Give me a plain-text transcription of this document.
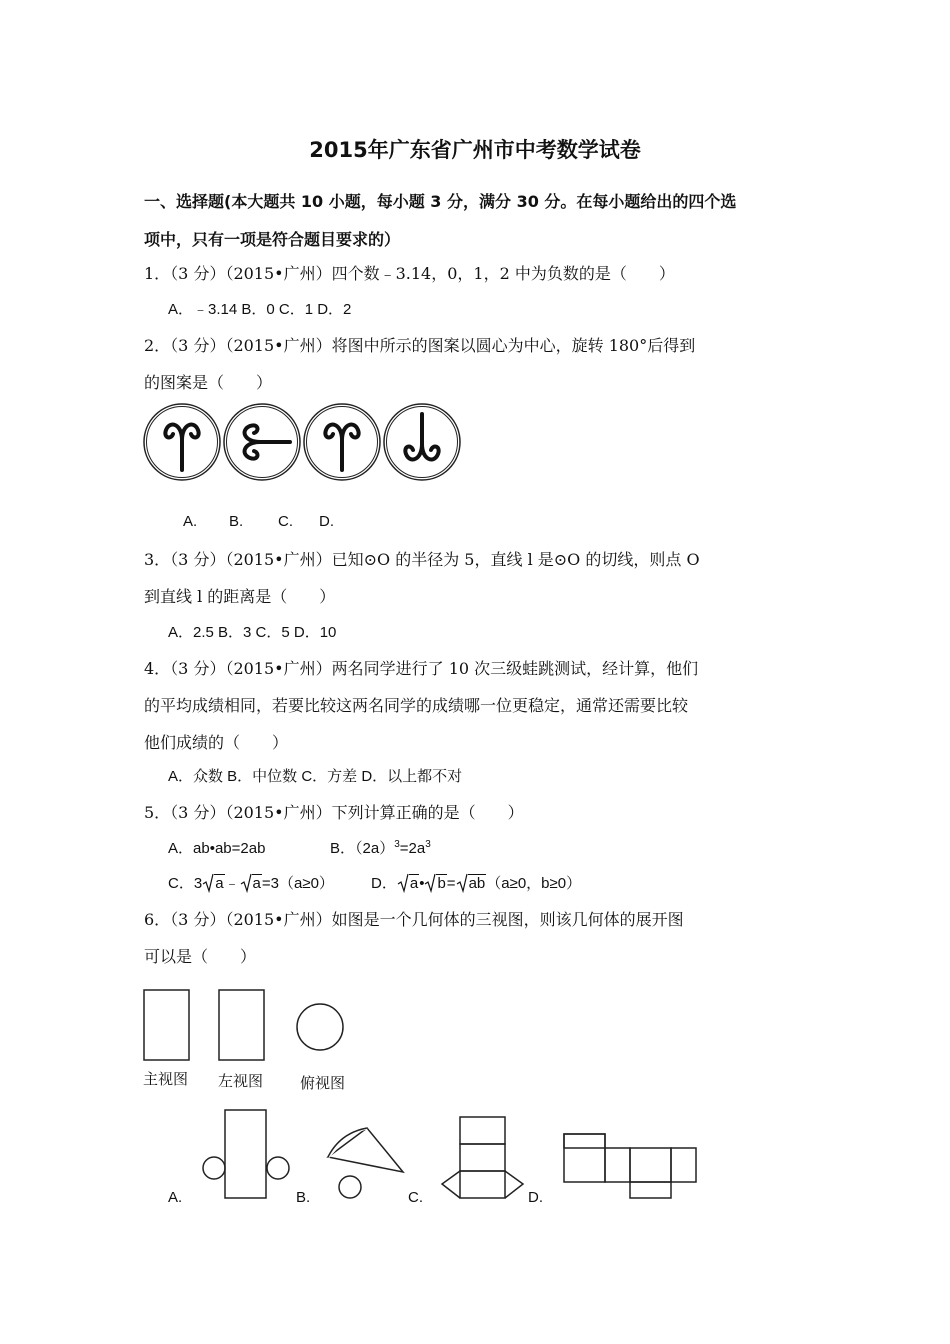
2015年广东省广州市中考数学试卷
一、选择题(本大题共 10 小题，每小题 3 分，满分 30 分。在每小题给出的四个选
项中，只有一项是符合题目要求的）
1．（3 分）（2015•广州）四个数﹣3.14，0，1，2 中为负数的是（　　）
A．﹣3.14 B．0 C．1 D．2
2．（3 分）（2015•广州）将图中所示的图案以圆心为中心，旋转 180°后得到
的图案是（　　）
A. B. C. D.
3．（3 分）（2015•广州）已知⊙O 的半径为 5，直线 l 是⊙O 的切线，则点 O
到直线 l 的距离是（　　）
A．2.5 B．3 C．5 D．10
4．（3 分）（2015•广州）两名同学进行了 10 次三级蛙跳测试，经计算，他们
的平均成绩相同，若要比较这两名同学的成绩哪一位更稳定，通常还需要比较
他们成绩的（　　）
A．众数 B．中位数 C．方差 D．以上都不对
5．（3 分）（2015•广州）下列计算正确的是（　　）
A．ab•ab=2ab	B．$(2a)^3=2a^3$
C．3 a﹣ a=3（a≥0） D． a• b= ab（a≥0，b≥0）
6．（3 分）（2015•广州）如图是一个几何体的三视图，则该几何体的展开图
可以是（　　）
主视图 左视图 俯视图
A.	B.	C.	D.
